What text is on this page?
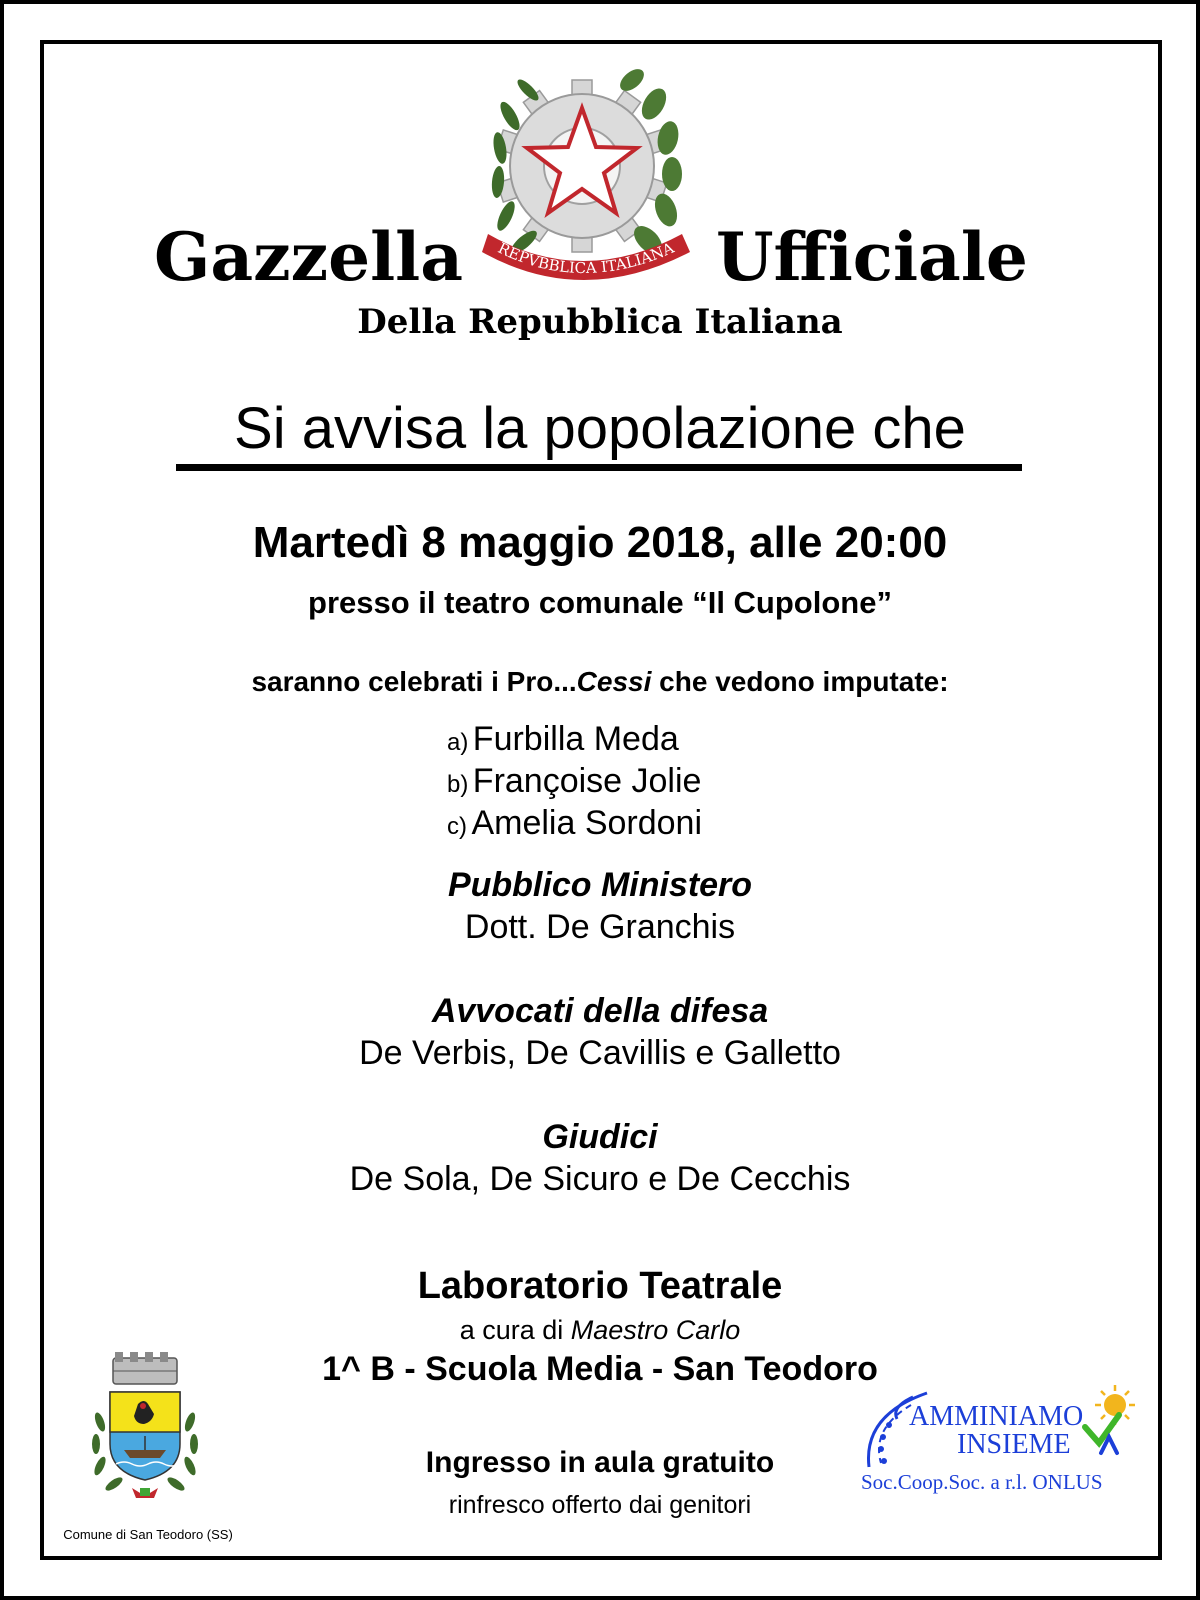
Gazzella	Ufficiale
REPVBBLICA ITALIANA
Della Repubblica Italiana
Si avvisa la popolazione che
Martedì 8 maggio 2018, alle 20:00
presso il teatro comunale “Il Cupolone”
saranno celebrati i Pro...Cessi che vedono imputate:
a) Furbilla Meda
b) Françoise Jolie
c) Amelia Sordoni
Pubblico Ministero
Dott. De Granchis
Avvocati della difesa
De Verbis, De Cavillis e Galletto
Giudici
De Sola, De Sicuro e De Cecchis
Laboratorio Teatrale
a cura di Maestro Carlo
1^ B - Scuola Media - San Teodoro
Ingresso in aula gratuito
rinfresco offerto dai genitori
Comune di San Teodoro (SS)
AMMINIAMO
INSIEME
Soc.Coop.Soc. a r.l. ONLUS
